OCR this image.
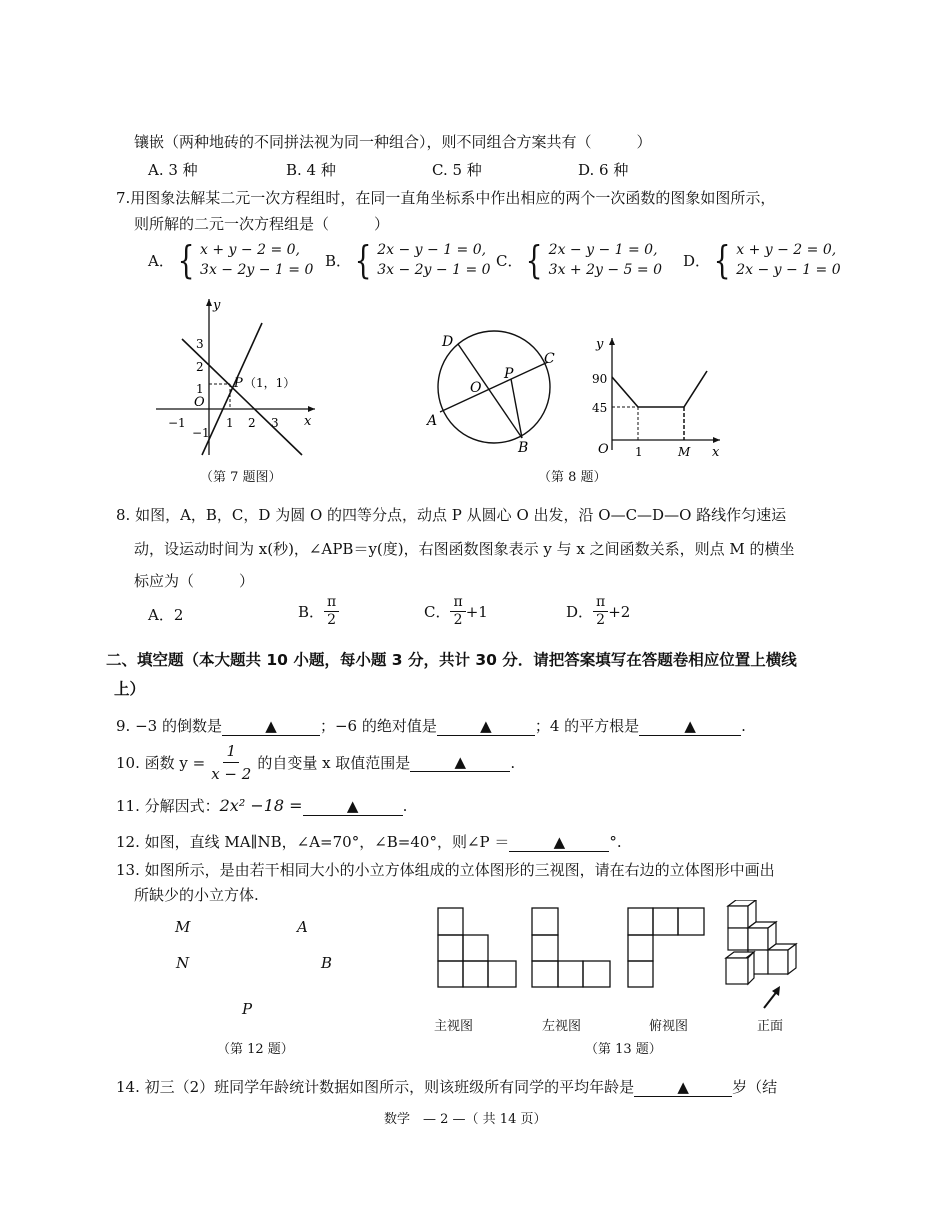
镶嵌（两种地砖的不同拼法视为同一种组合），则不同组合方案共有（　　　）
A. 3 种	B. 4 种	C. 5 种	D. 6 种
7.用图象法解某二元一次方程组时，在同一直角坐标系中作出相应的两个一次函数的图象如图所示，
则所解的二元一次方程组是（　　　）
A． { x + y − 2 = 0,
3x − 2y − 1 = 0
B． { 2x − y − 1 = 0,
3x − 2y − 1 = 0
C． { 2x − y − 1 = 0,
3x + 2y − 5 = 0
D． { x + y − 2 = 0,
2x − y − 1 = 0
y
x
O
3
2
1
−1
−1	1 2 3
P （1，1）
（第 7 题图）
D
C
O
P
A
B
（第 8 题）
y
90
45
O 1	M x
8. 如图，A，B，C，D 为圆 O 的四等分点，动点 P 从圆心 O 出发，沿 O—C—D—O 路线作匀速运
动，设运动时间为 x(秒)，∠APB＝y(度)，右图函数图象表示 y 与 x 之间函数关系，则点 M 的横坐
标应为（　　　）
A．2	B． $\frac{\pi}{2}$	C． $\frac{\pi}{2} +1$	D． $\frac{\pi}{2} +2$
二、填空题（本大题共 10 小题，每小题 3 分，共计 30 分．请把答案填写在答题卷相应位置上横线
上）
9. −3 的倒数是	▲	；−6 的绝对值是	▲	；4 的平方根是	▲	.
10. 函数 $y = \frac{1}{x - 2}$ 的自变量 x 取值范围是	▲	.
11. 分解因式：2x² −18 =	▲	.
12. 如图，直线 MA∥NB，∠A=70°，∠B=40°，则∠P ＝	▲	°.
13. 如图所示，是由若干相同大小的小立方体组成的立体图形的三视图，请在右边的立体图形中画出
所缺少的小立方体.
M	A
N	B
P
（第 12 题）
主视图	左视图	俯视图	正面
（第 13 题）
14. 初三（2）班同学年龄统计数据如图所示，则该班级所有同学的平均年龄是	▲	岁（结
数学　— 2 —（ 共 14 页）
